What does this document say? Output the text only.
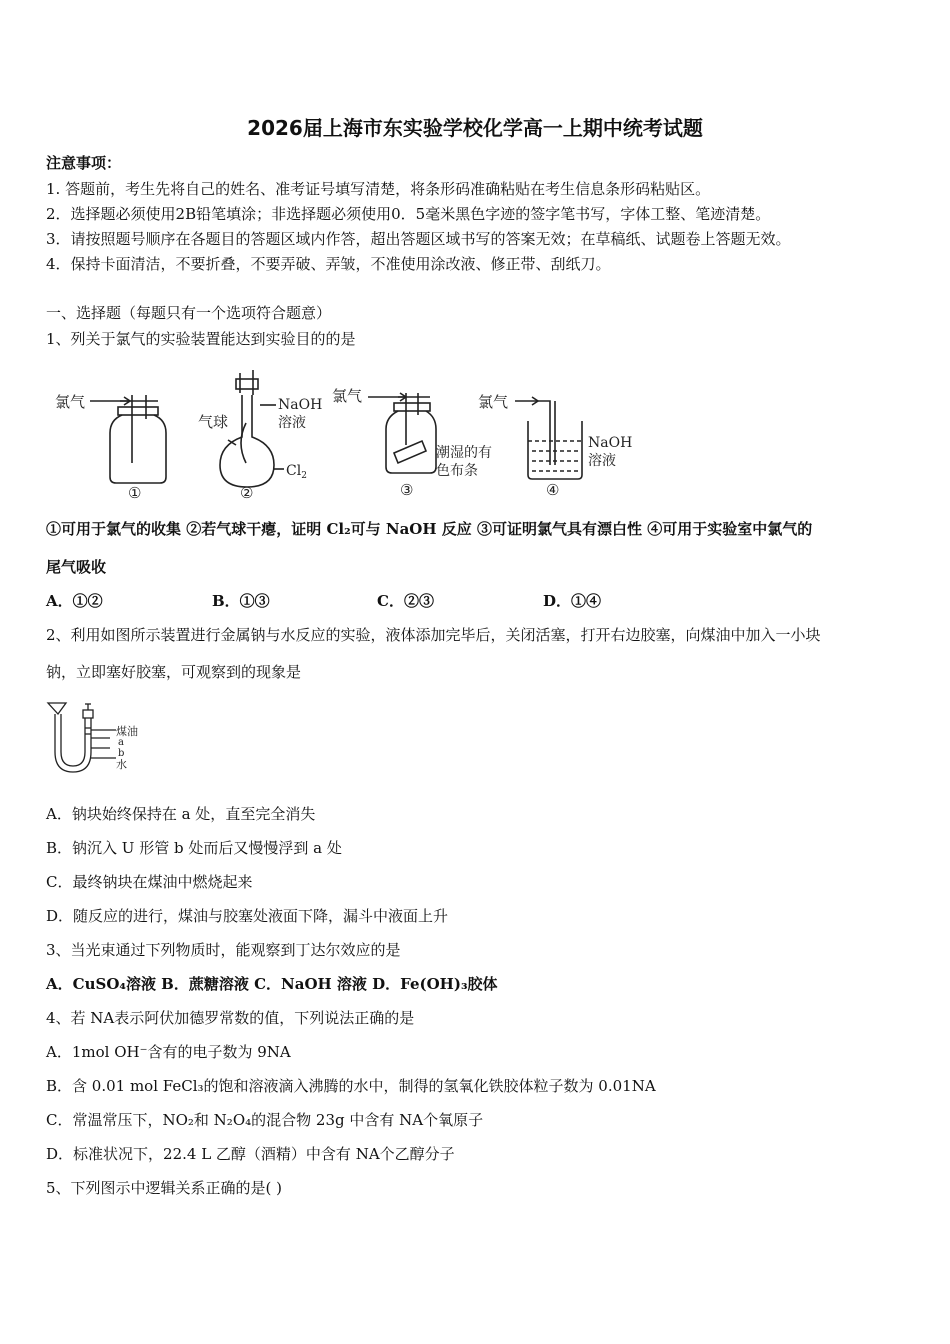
2026届上海市东实验学校化学高一上期中统考试题
注意事项：
1. 答题前，考生先将自己的姓名、准考证号填写清楚，将条形码准确粘贴在考生信息条形码粘贴区。
2．选择题必须使用2B铅笔填涂；非选择题必须使用0．5毫米黑色字迹的签字笔书写，字体工整、笔迹清楚。
3．请按照题号顺序在各题目的答题区域内作答，超出答题区域书写的答案无效；在草稿纸、试题卷上答题无效。
4．保持卡面清洁，不要折叠，不要弄破、弄皱，不准使用涂改液、修正带、刮纸刀。
一、选择题（每题只有一个选项符合题意）
1、列关于氯气的实验装置能达到实验目的的是
氯气
①
气球
NaOH
溶液
$Cl_2$
②
氯气
潮湿的有
色布条
③
氯气
NaOH
溶液
④
①可用于氯气的收集 ②若气球干瘪，证明 Cl₂可与 NaOH 反应 ③可证明氯气具有漂白性 ④可用于实验室中氯气的
尾气吸收
A．①②	B．①③	C．②③	D．①④
2、利用如图所示装置进行金属钠与水反应的实验，液体添加完毕后，关闭活塞，打开右边胶塞，向煤油中加入一小块
钠，立即塞好胶塞，可观察到的现象是
煤油
a
b
水
A．钠块始终保持在 a 处，直至完全消失
B．钠沉入 U 形管 b 处而后又慢慢浮到 a 处
C．最终钠块在煤油中燃烧起来
D．随反应的进行，煤油与胶塞处液面下降，漏斗中液面上升
3、当光束通过下列物质时，能观察到丁达尔效应的是
A．CuSO₄溶液 B．蔗糖溶液 C．NaOH 溶液 D．Fe(OH)₃胶体
4、若 NA表示阿伏加德罗常数的值，下列说法正确的是
A．1mol OH⁻含有的电子数为 9NA
B．含 0.01 mol FeCl₃的饱和溶液滴入沸腾的水中，制得的氢氧化铁胶体粒子数为 0.01NA
C．常温常压下，NO₂和 N₂O₄的混合物 23g 中含有 NA个氧原子
D．标准状况下，22.4 L 乙醇（酒精）中含有 NA个乙醇分子
5、下列图示中逻辑关系正确的是( )
